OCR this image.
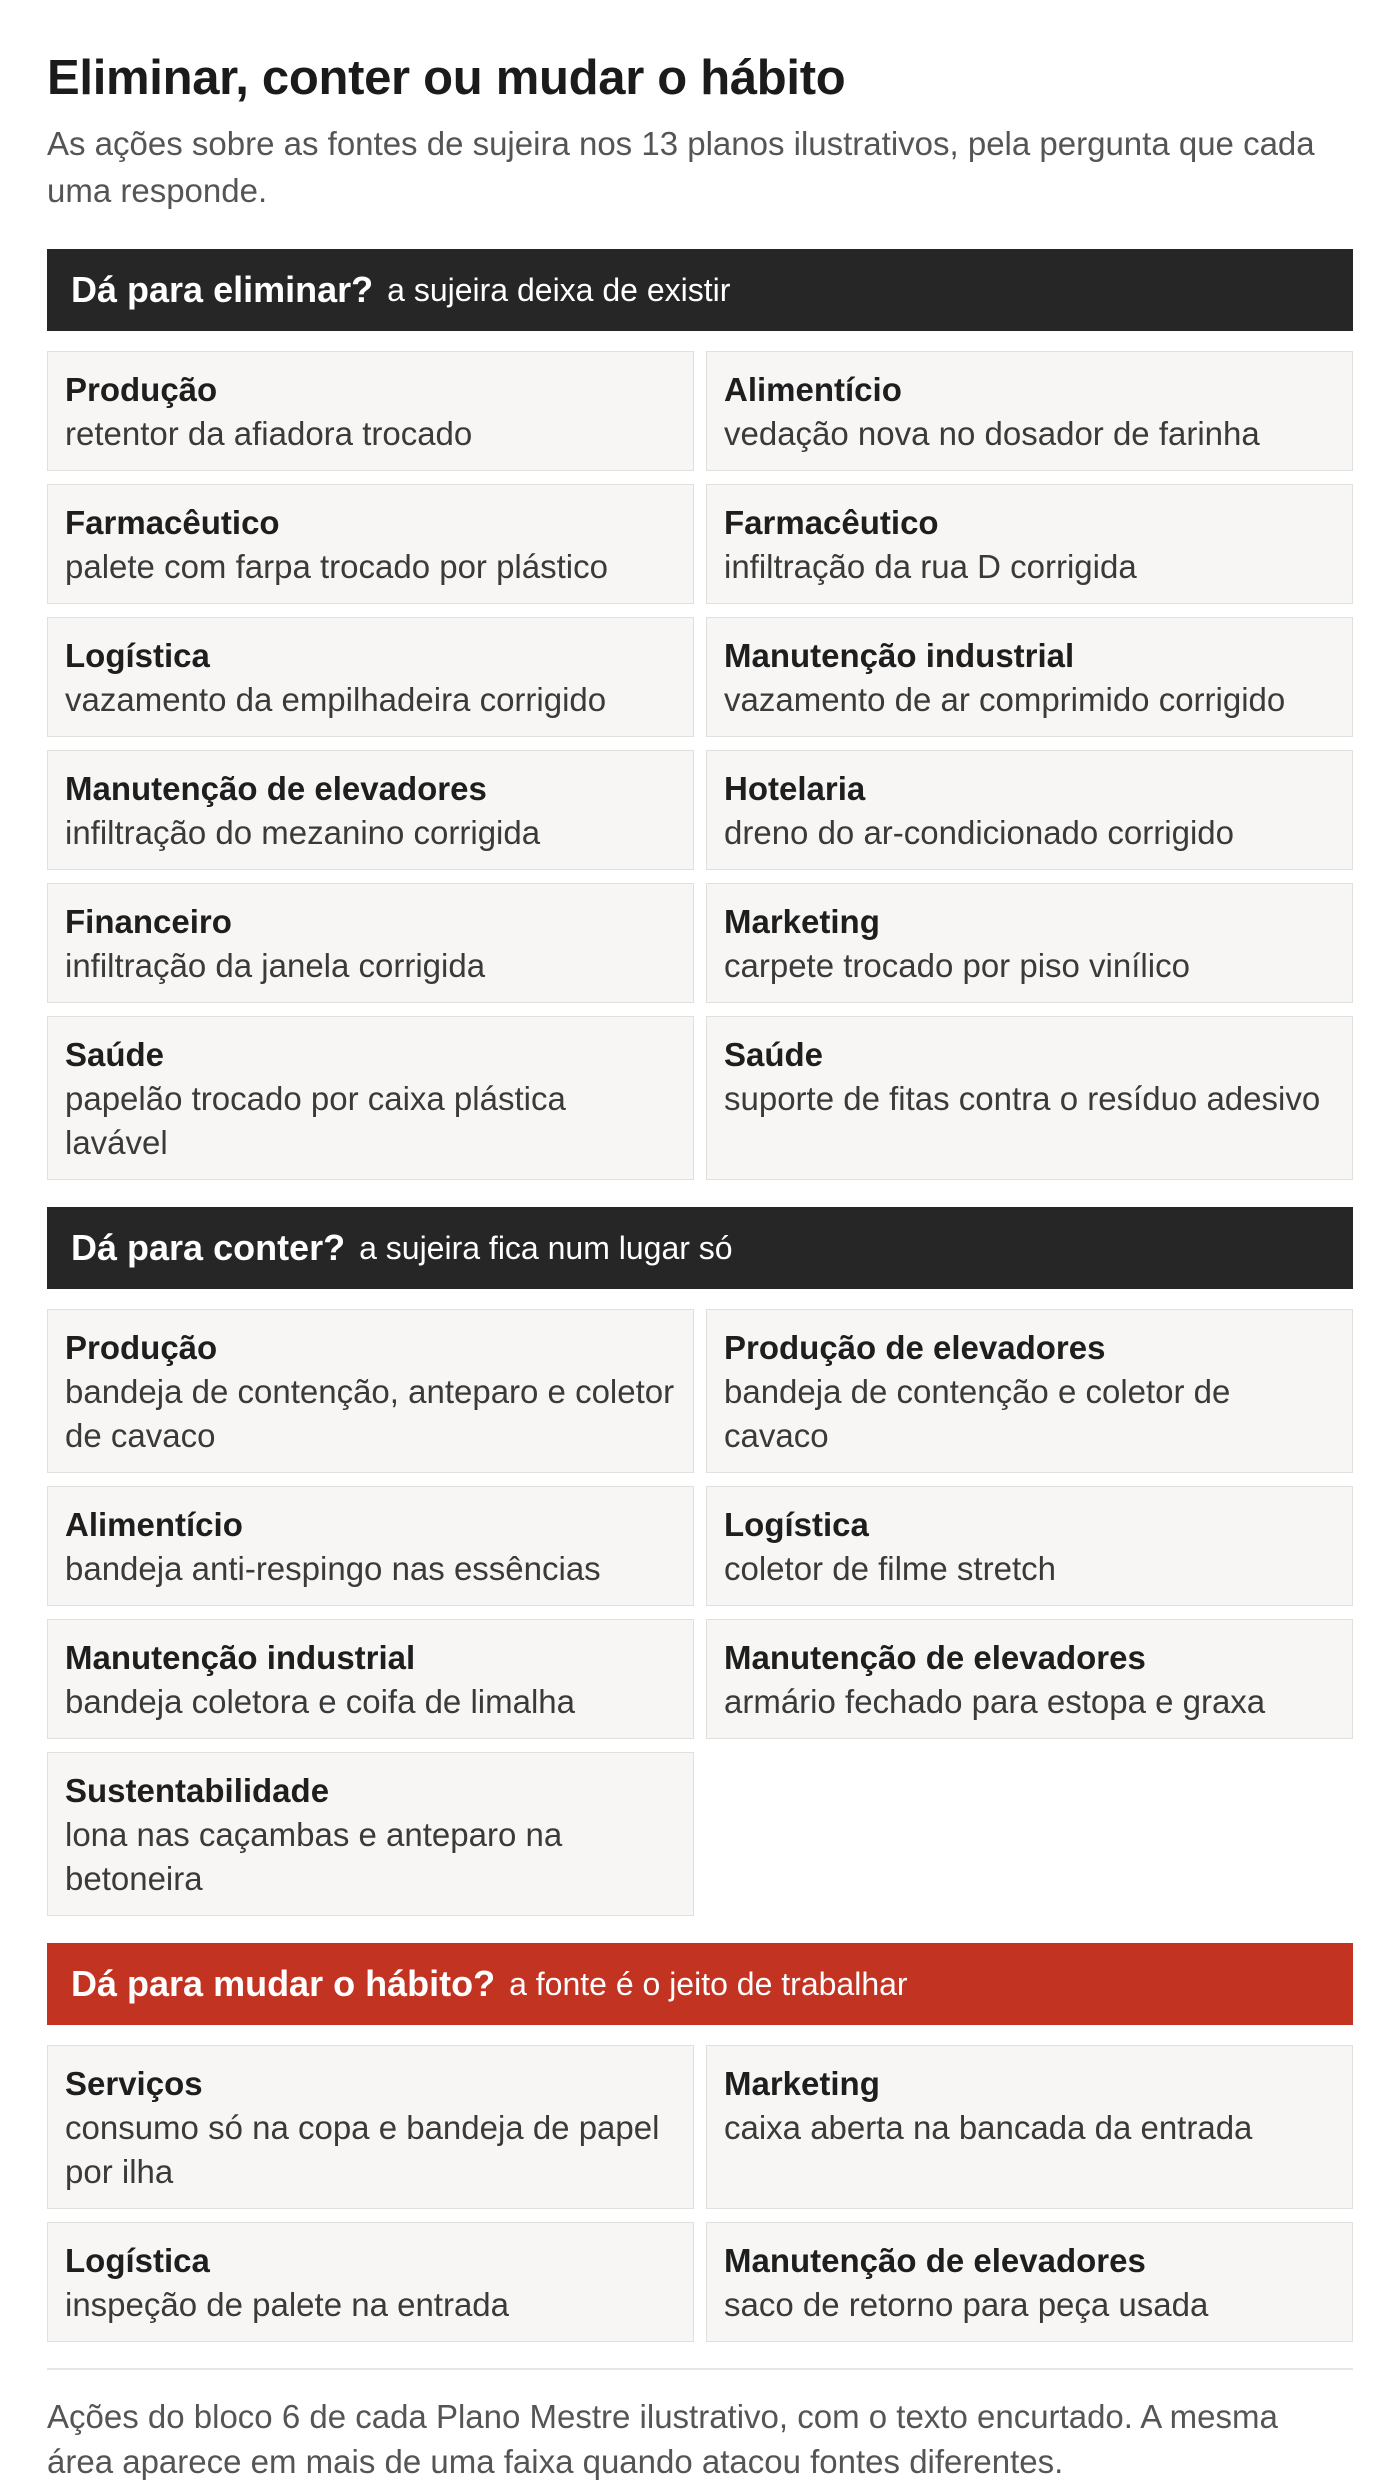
Eliminar, conter ou mudar o hábito

As ações sobre as fontes de sujeira nos 13 planos ilustrativos, pela pergunta que cada uma responde.

Dá para eliminar? a sujeira deixa de existir
Produção
retentor da afiadora trocado
Alimentício
vedação nova no dosador de farinha
Farmacêutico
palete com farpa trocado por plástico
Farmacêutico
infiltração da rua D corrigida
Logística
vazamento da empilhadeira corrigido
Manutenção industrial
vazamento de ar comprimido corrigido
Manutenção de elevadores
infiltração do mezanino corrigida
Hotelaria
dreno do ar-condicionado corrigido
Financeiro
infiltração da janela corrigida
Marketing
carpete trocado por piso vinílico
Saúde
papelão trocado por caixa plástica lavável
Saúde
suporte de fitas contra o resíduo adesivo
Dá para conter? a sujeira fica num lugar só
Produção
bandeja de contenção, anteparo e coletor de cavaco
Produção de elevadores
bandeja de contenção e coletor de cavaco
Alimentício
bandeja anti-respingo nas essências
Logística
coletor de filme stretch
Manutenção industrial
bandeja coletora e coifa de limalha
Manutenção de elevadores
armário fechado para estopa e graxa
Sustentabilidade
lona nas caçambas e anteparo na betoneira
Dá para mudar o hábito? a fonte é o jeito de trabalhar
Serviços
consumo só na copa e bandeja de papel por ilha
Marketing
caixa aberta na bancada da entrada
Logística
inspeção de palete na entrada
Manutenção de elevadores
saco de retorno para peça usada
Ações do bloco 6 de cada Plano Mestre ilustrativo, com o texto encurtado. A mesma área aparece em mais de uma faixa quando atacou fontes diferentes.
